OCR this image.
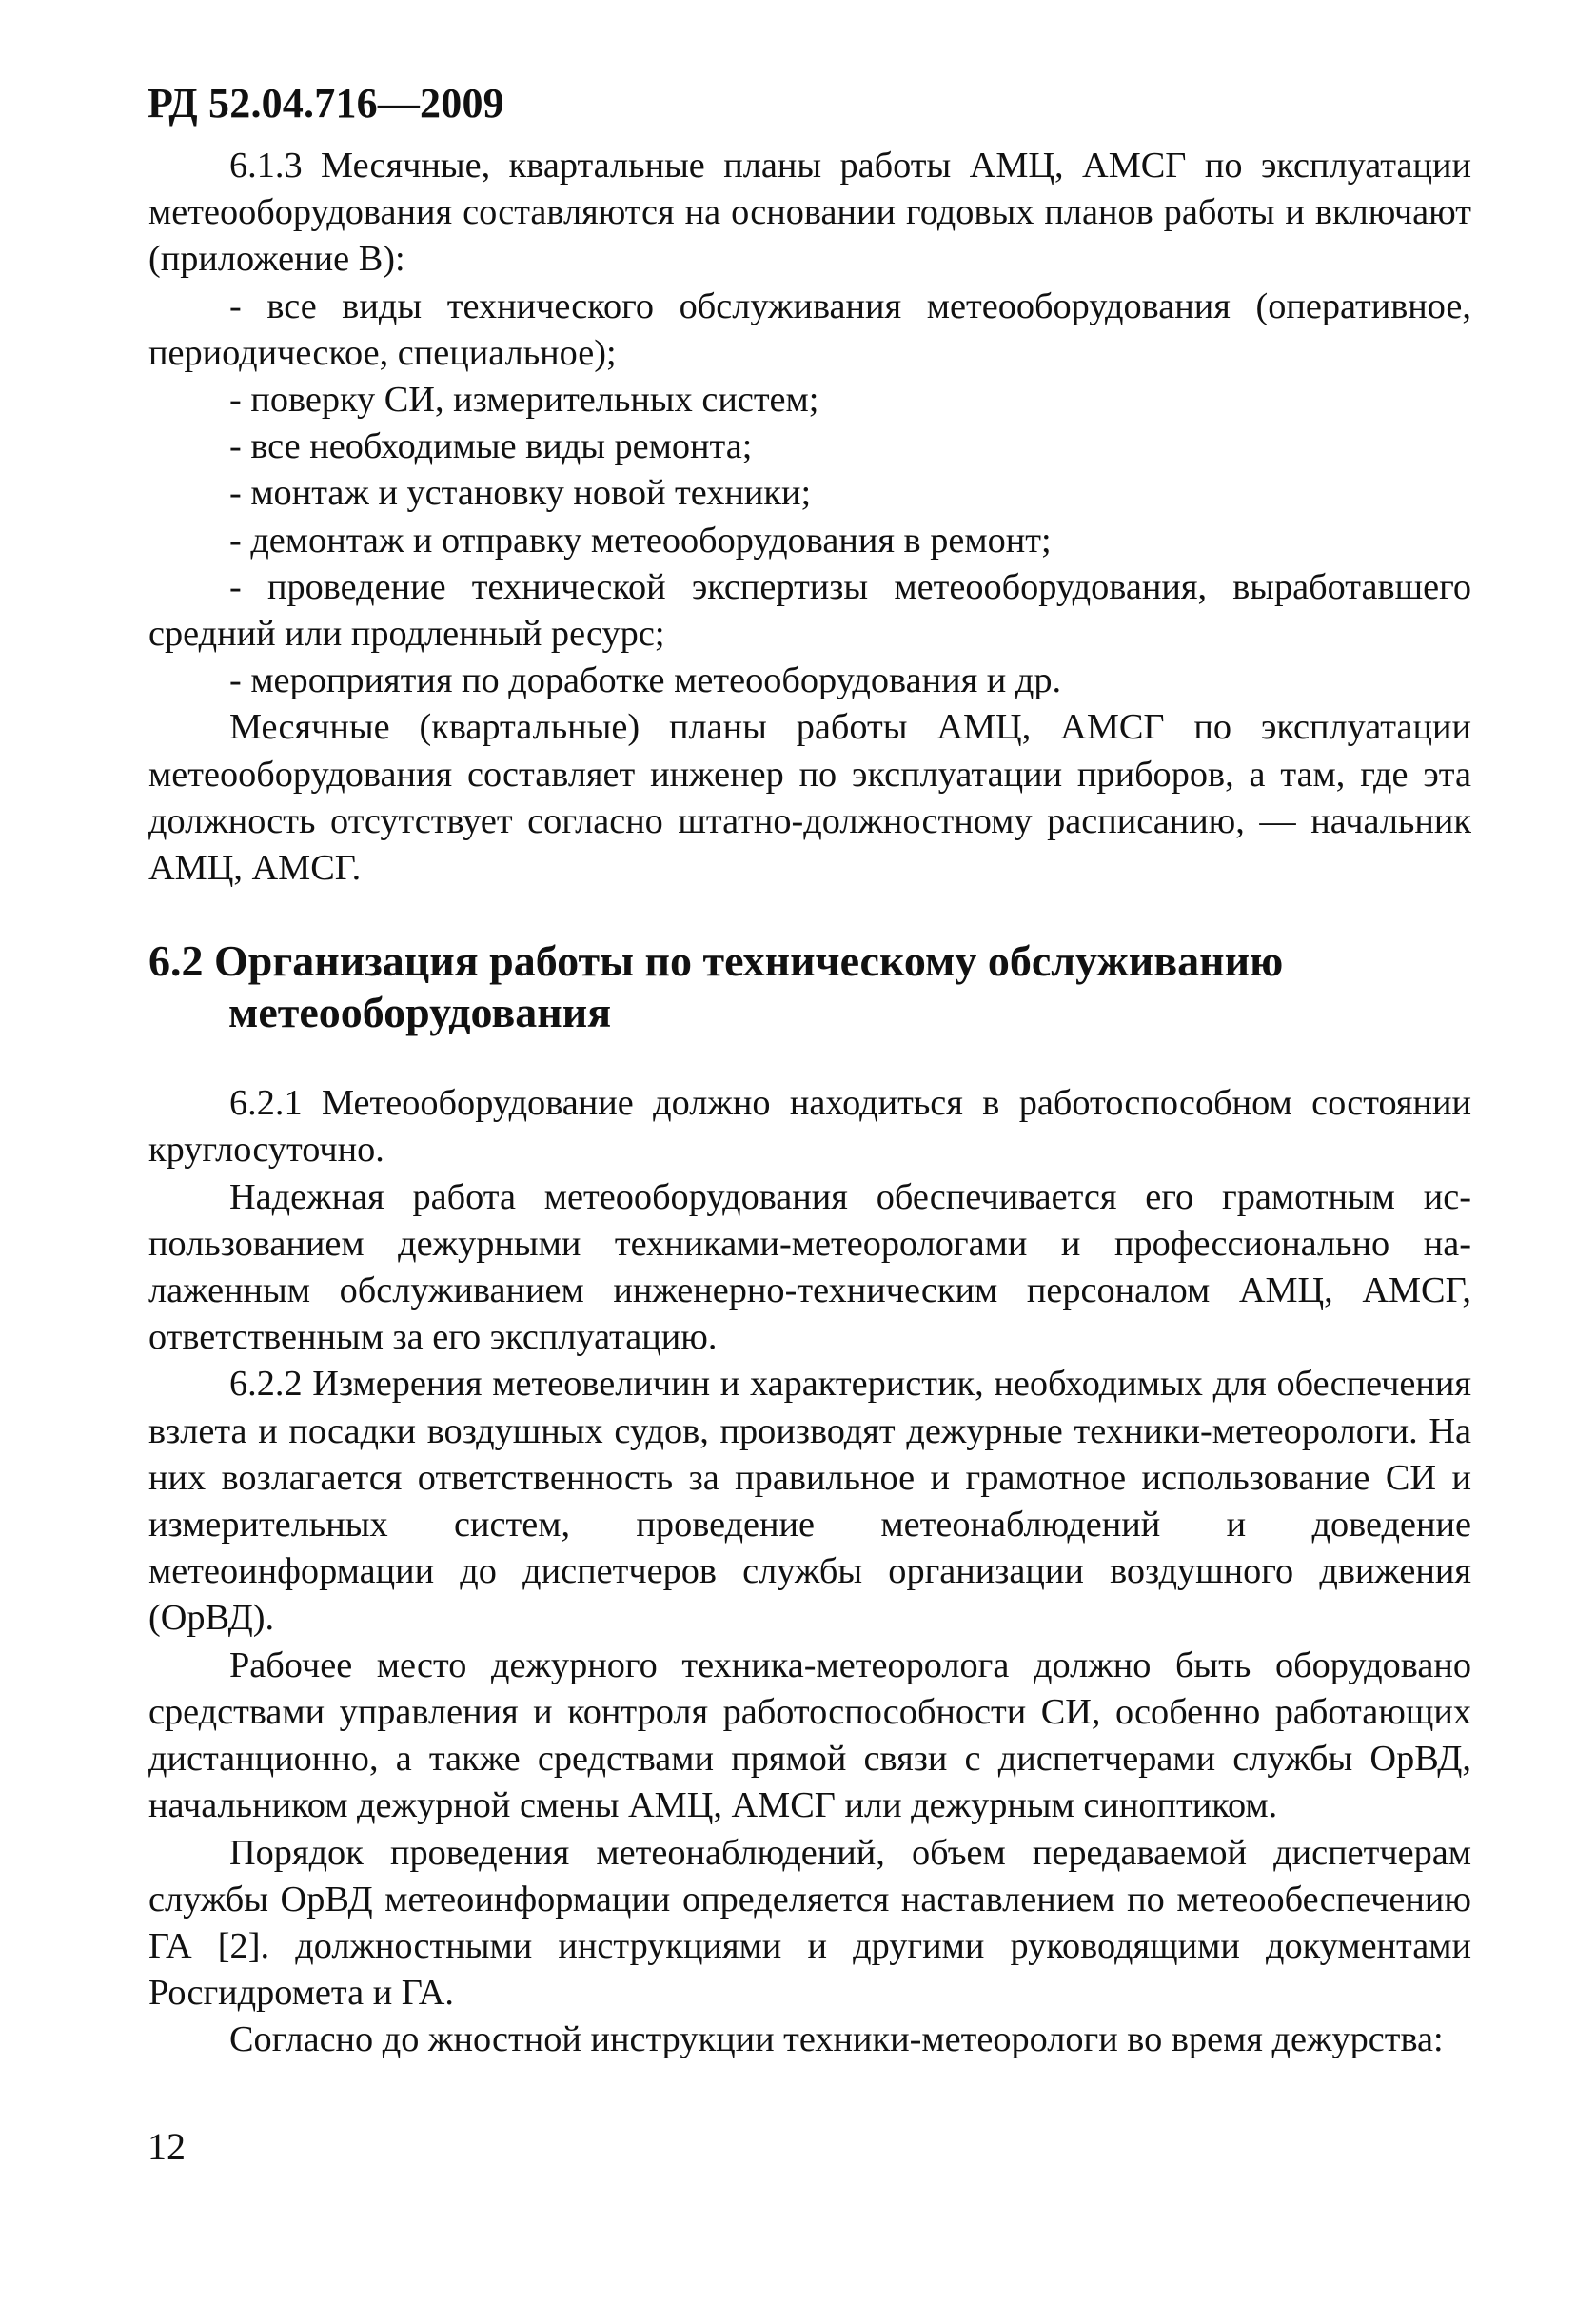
РД 52.04.716—2009

6.1.3 Месячные, квартальные планы работы АМЦ, АМСГ по эксплуатации метеооборудования составляются на основании годовых планов работы и включают (приложение В):

- все виды технического обслуживания метеооборудования (оперативное, периодическое, специальное);

- поверку СИ, измерительных систем;

- все необходимые виды ремонта;

- монтаж и установку новой техники;

- демонтаж и отправку метеооборудования в ремонт;

- проведение технической экспертизы метеооборудования, выработавшего средний или продленный ресурс;

- мероприятия по доработке метеооборудования и др.

Месячные (квартальные) планы работы АМЦ, АМСГ по эксплуатации метеооборудования составляет инженер по эксплуатации приборов, а там, где эта должность отсутствует согласно штатно-должностному расписанию, — начальник АМЦ, АМСГ.

6.2 Организация работы по техническому обслуживанию метеооборудования

6.2.1 Метеооборудование должно находиться в работоспособном состоянии круглосуточно.

Надежная работа метеооборудования обеспечивается его грамотным использованием дежурными техниками-метеорологами и профессионально налаженным обслуживанием инженерно-техническим персоналом АМЦ, АМСГ, ответственным за его эксплуатацию.

6.2.2 Измерения метеовеличин и характеристик, необходимых для обеспечения взлета и посадки воздушных судов, производят дежурные техники-метеорологи. На них возлагается ответственность за правильное и грамотное использование СИ и измерительных систем, проведение метеонаблюдений и доведение метеоинформации до диспетчеров службы организации воздушного движения (ОрВД).

Рабочее место дежурного техника-метеоролога должно быть оборудовано средствами управления и контроля работоспособности СИ, особенно работающих дистанционно, а также средствами прямой связи с диспетчерами службы ОрВД, начальником дежурной смены АМЦ, АМСГ или дежурным синоптиком.

Порядок проведения метеонаблюдений, объем передаваемой диспетчерам службы ОрВД метеоинформации определяется наставлением по метеообеспечению ГА [2]. должностными инструкциями и другими руководящими документами Росгидромета и ГА.

Согласно до жностной инструкции техники-метеорологи во время дежурства:

12
